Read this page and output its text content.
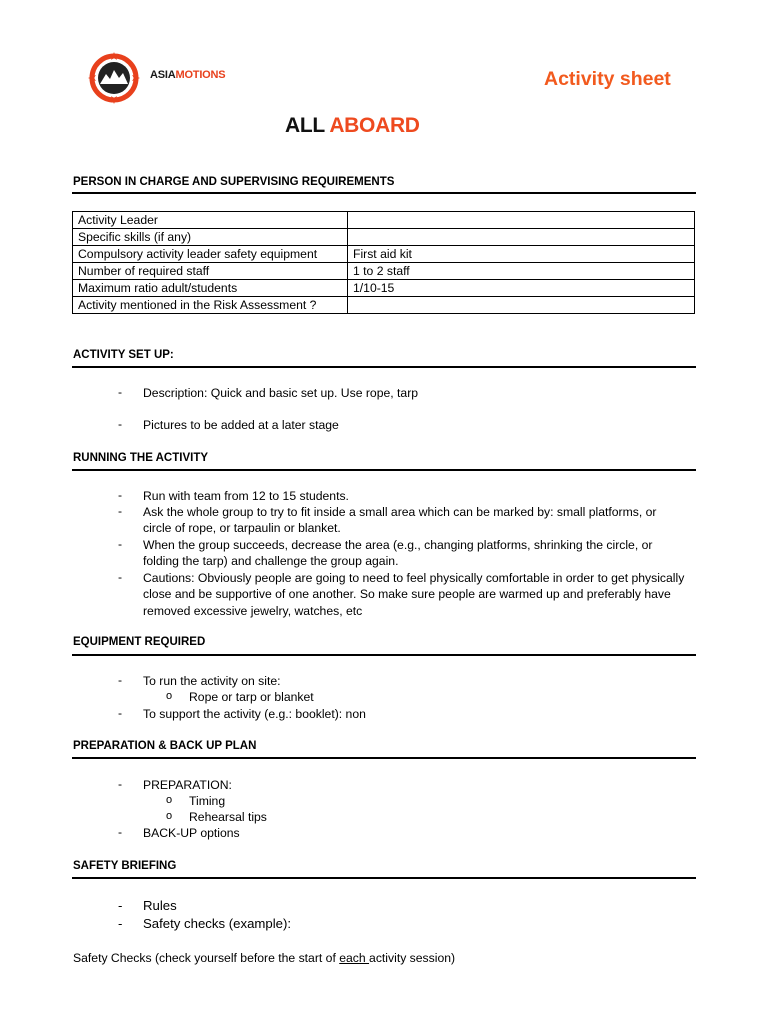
ASIAMOTIONS	Activity sheet
ALL ABOARD
PERSON IN CHARGE AND SUPERVISING REQUIREMENTS
Activity Leader	
Specific skills (if any)	
Compulsory activity leader safety equipment	First aid kit
Number of required staff	1 to 2 staff
Maximum ratio adult/students	1/10-15
Activity mentioned in the Risk Assessment ?	
ACTIVITY SET UP:
- Description: Quick and basic set up. Use rope, tarp
- Pictures to be added at a later stage
RUNNING THE ACTIVITY
- Run with team from 12 to 15 students.
- Ask the whole group to try to fit inside a small area which can be marked by: small platforms, or circle of rope, or tarpaulin or blanket.
- When the group succeeds, decrease the area (e.g., changing platforms, shrinking the circle, or folding the tarp) and challenge the group again.
- Cautions: Obviously people are going to need to feel physically comfortable in order to get physically close and be supportive of one another. So make sure people are warmed up and preferably have removed excessive jewelry, watches, etc
EQUIPMENT REQUIRED
- To run the activity on site:
o Rope or tarp or blanket
- To support the activity (e.g.: booklet): non
PREPARATION & BACK UP PLAN
- PREPARATION:
o Timing
o Rehearsal tips
- BACK-UP options
SAFETY BRIEFING
- Rules
- Safety checks (example):
Safety Checks (check yourself before the start of each activity session)
